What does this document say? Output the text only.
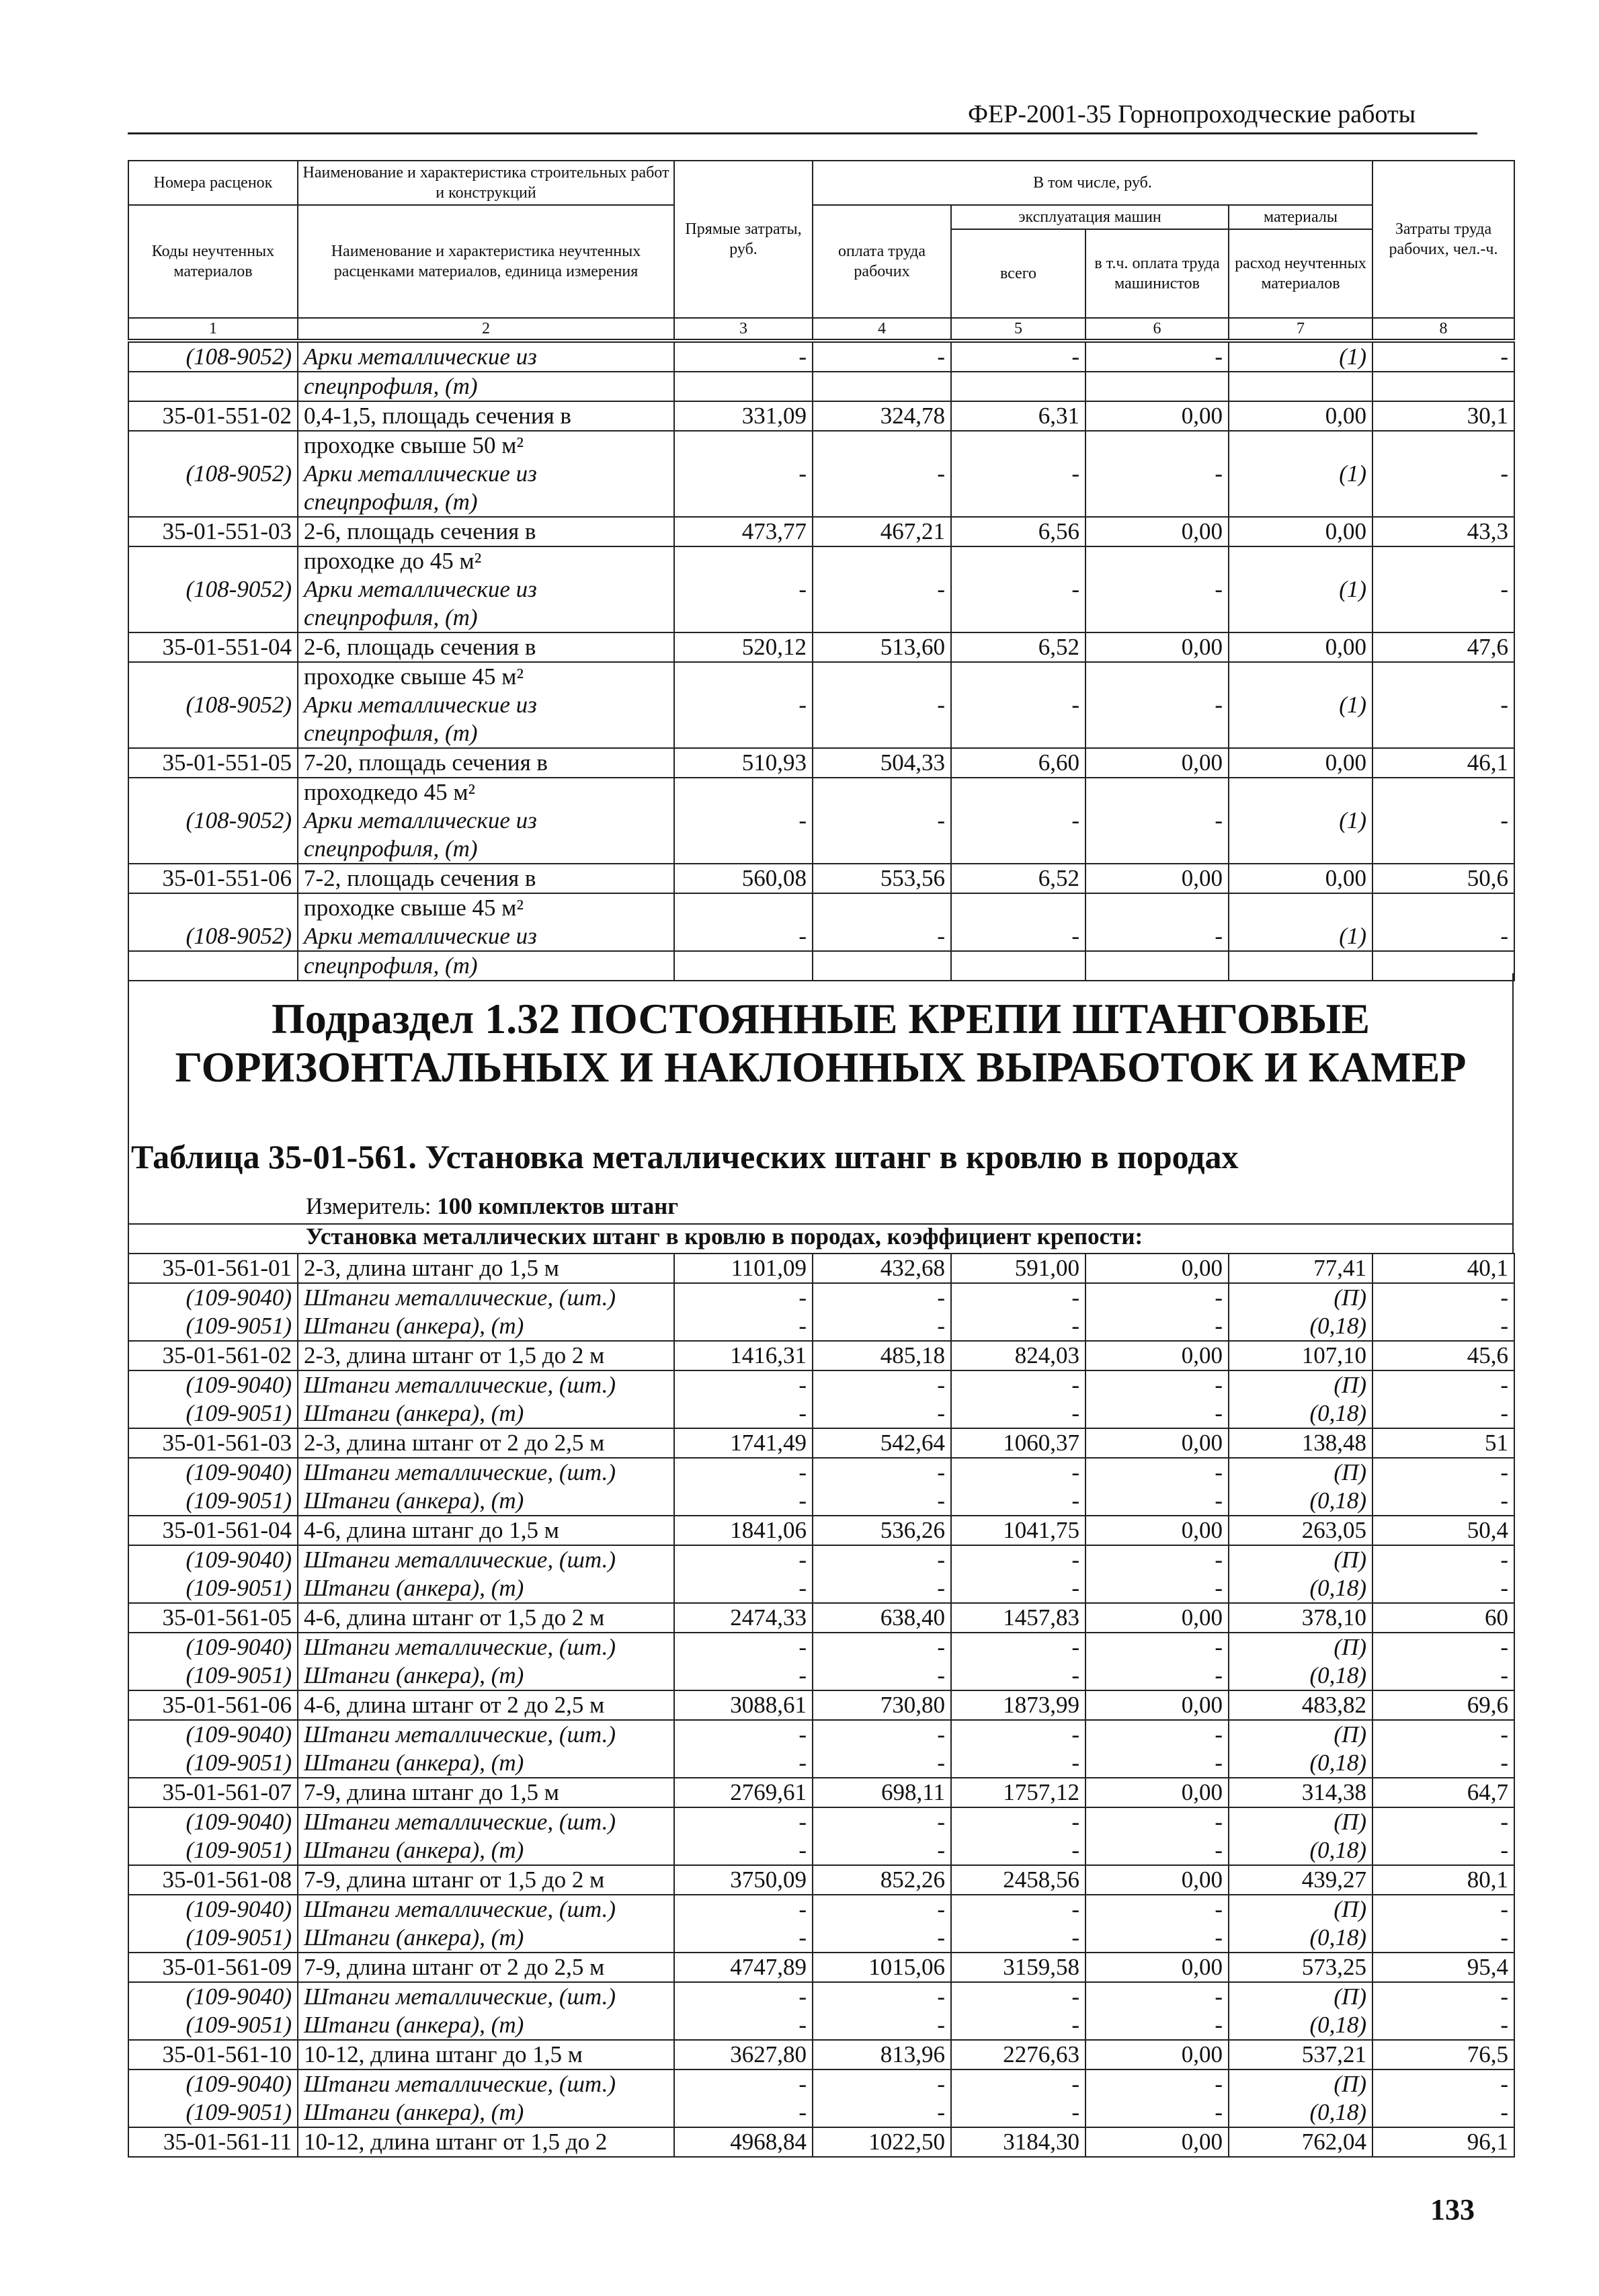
ФЕР-2001-35 Горнопроходческие работы
Номера расценок	Наименование и характеристика строительных работ и конструкций	Прямые затраты, руб.	В том числе, руб.				Затраты труда рабочих, чел.-ч.
Коды неучтенных материалов	Наименование и характеристика неучтенных расценками материалов, единица измерения		оплата труда рабочих	эксплуатация машин		материалы	
				всего	в т.ч. оплата труда машинистов	расход неучтенных материалов	
1	2	3	4	5	6	7	8
(108-9052)	Арки металлические из	-	-	-	-	(1)	-
	спецпрофиля, (т)						
35-01-551-02	0,4-1,5, площадь сечения в	331,09	324,78	6,31	0,00	0,00	30,1
	проходке свыше 50 м²						
(108-9052)	Арки металлические из	-	-	-	-	(1)	-
	спецпрофиля, (т)						
35-01-551-03	2-6, площадь сечения в	473,77	467,21	6,56	0,00	0,00	43,3
	проходке до 45 м²						
(108-9052)	Арки металлические из	-	-	-	-	(1)	-
	спецпрофиля, (т)						
35-01-551-04	2-6, площадь сечения в	520,12	513,60	6,52	0,00	0,00	47,6
	проходке свыше 45 м²						
(108-9052)	Арки металлические из	-	-	-	-	(1)	-
	спецпрофиля, (т)						
35-01-551-05	7-20, площадь сечения в	510,93	504,33	6,60	0,00	0,00	46,1
	проходкедо 45 м²						
(108-9052)	Арки металлические из	-	-	-	-	(1)	-
	спецпрофиля, (т)						
35-01-551-06	7-2, площадь сечения в	560,08	553,56	6,52	0,00	0,00	50,6
	проходке свыше 45 м²						
(108-9052)	Арки металлические из	-	-	-	-	(1)	-
	спецпрофиля, (т)						
Подраздел 1.32 ПОСТОЯННЫЕ КРЕПИ ШТАНГОВЫЕ
ГОРИЗОНТАЛЬНЫХ И НАКЛОННЫХ ВЫРАБОТОК И КАМЕР
Таблица 35-01-561. Установка металлических штанг в кровлю в породах
Измеритель: 100 комплектов штанг
Установка металлических штанг в кровлю в породах, коэффициент крепости:
35-01-561-01	2-3, длина штанг до 1,5 м	1101,09	432,68	591,00	0,00	77,41	40,1
(109-9040)	Штанги металлические, (шт.)	-	-	-	-	(П)	-
(109-9051)	Штанги (анкера), (т)	-	-	-	-	(0,18)	-
35-01-561-02	2-3, длина штанг от 1,5 до 2 м	1416,31	485,18	824,03	0,00	107,10	45,6
(109-9040)	Штанги металлические, (шт.)	-	-	-	-	(П)	-
(109-9051)	Штанги (анкера), (т)	-	-	-	-	(0,18)	-
35-01-561-03	2-3, длина штанг от 2 до 2,5 м	1741,49	542,64	1060,37	0,00	138,48	51
(109-9040)	Штанги металлические, (шт.)	-	-	-	-	(П)	-
(109-9051)	Штанги (анкера), (т)	-	-	-	-	(0,18)	-
35-01-561-04	4-6, длина штанг до 1,5 м	1841,06	536,26	1041,75	0,00	263,05	50,4
(109-9040)	Штанги металлические, (шт.)	-	-	-	-	(П)	-
(109-9051)	Штанги (анкера), (т)	-	-	-	-	(0,18)	-
35-01-561-05	4-6, длина штанг от 1,5 до 2 м	2474,33	638,40	1457,83	0,00	378,10	60
(109-9040)	Штанги металлические, (шт.)	-	-	-	-	(П)	-
(109-9051)	Штанги (анкера), (т)	-	-	-	-	(0,18)	-
35-01-561-06	4-6, длина штанг от 2 до 2,5 м	3088,61	730,80	1873,99	0,00	483,82	69,6
(109-9040)	Штанги металлические, (шт.)	-	-	-	-	(П)	-
(109-9051)	Штанги (анкера), (т)	-	-	-	-	(0,18)	-
35-01-561-07	7-9, длина штанг до 1,5 м	2769,61	698,11	1757,12	0,00	314,38	64,7
(109-9040)	Штанги металлические, (шт.)	-	-	-	-	(П)	-
(109-9051)	Штанги (анкера), (т)	-	-	-	-	(0,18)	-
35-01-561-08	7-9, длина штанг от 1,5 до 2 м	3750,09	852,26	2458,56	0,00	439,27	80,1
(109-9040)	Штанги металлические, (шт.)	-	-	-	-	(П)	-
(109-9051)	Штанги (анкера), (т)	-	-	-	-	(0,18)	-
35-01-561-09	7-9, длина штанг от 2 до 2,5 м	4747,89	1015,06	3159,58	0,00	573,25	95,4
(109-9040)	Штанги металлические, (шт.)	-	-	-	-	(П)	-
(109-9051)	Штанги (анкера), (т)	-	-	-	-	(0,18)	-
35-01-561-10	10-12, длина штанг до 1,5 м	3627,80	813,96	2276,63	0,00	537,21	76,5
(109-9040)	Штанги металлические, (шт.)	-	-	-	-	(П)	-
(109-9051)	Штанги (анкера), (т)	-	-	-	-	(0,18)	-
35-01-561-11	10-12, длина штанг от 1,5 до 2	4968,84	1022,50	3184,30	0,00	762,04	96,1
133
